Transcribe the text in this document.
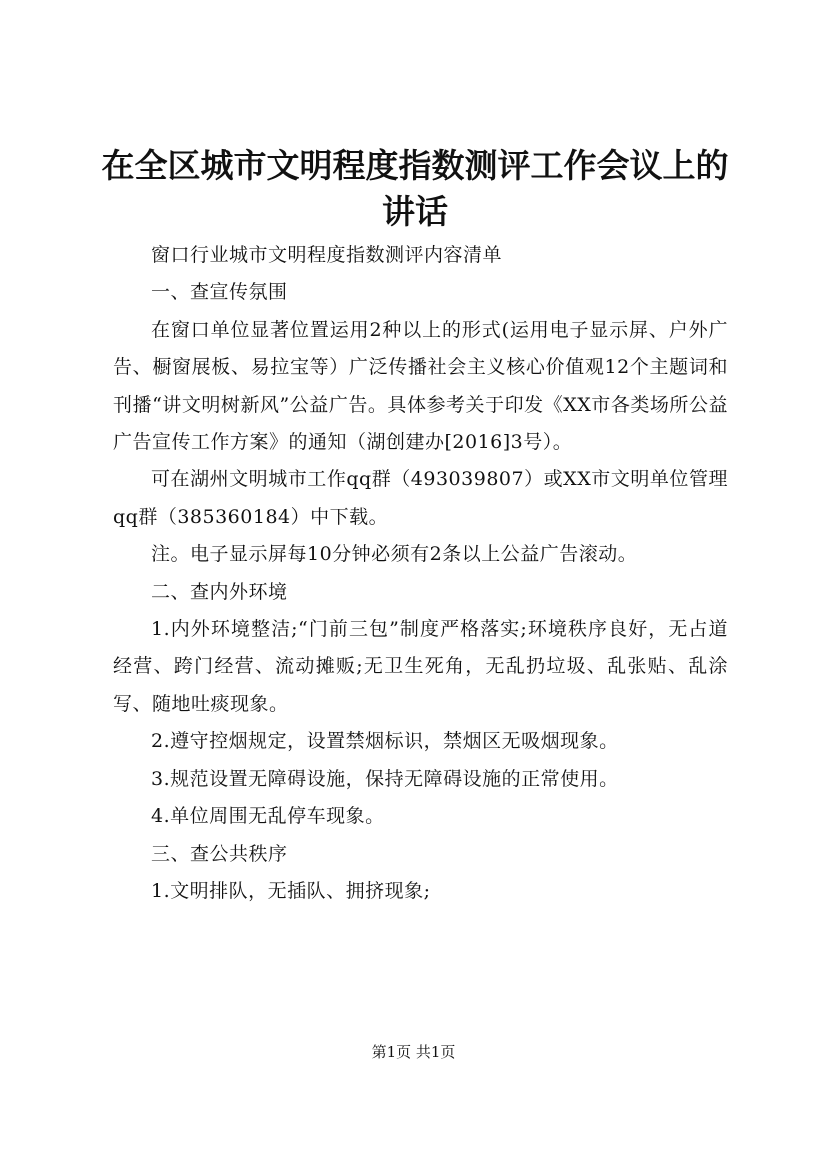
在全区城市文明程度指数测评工作会议上的讲话

窗口行业城市文明程度指数测评内容清单

一、查宣传氛围

在窗口单位显著位置运用2种以上的形式(运用电子显示屏、户外广告、橱窗展板、易拉宝等）广泛传播社会主义核心价值观12个主题词和刊播“讲文明树新风”公益广告。具体参考关于印发《XX市各类场所公益广告宣传工作方案》的通知（湖创建办[2016]3号）。

可在湖州文明城市工作qq群（493039807）或XX市文明单位管理qq群（385360184）中下载。

注。电子显示屏每10分钟必须有2条以上公益广告滚动。

二、查内外环境

1.内外环境整洁;“门前三包”制度严格落实;环境秩序良好，无占道经营、跨门经营、流动摊贩;无卫生死角，无乱扔垃圾、乱张贴、乱涂写、随地吐痰现象。

2.遵守控烟规定，设置禁烟标识，禁烟区无吸烟现象。

3.规范设置无障碍设施，保持无障碍设施的正常使用。

4.单位周围无乱停车现象。

三、查公共秩序

1.文明排队，无插队、拥挤现象;

第1页 共1页
